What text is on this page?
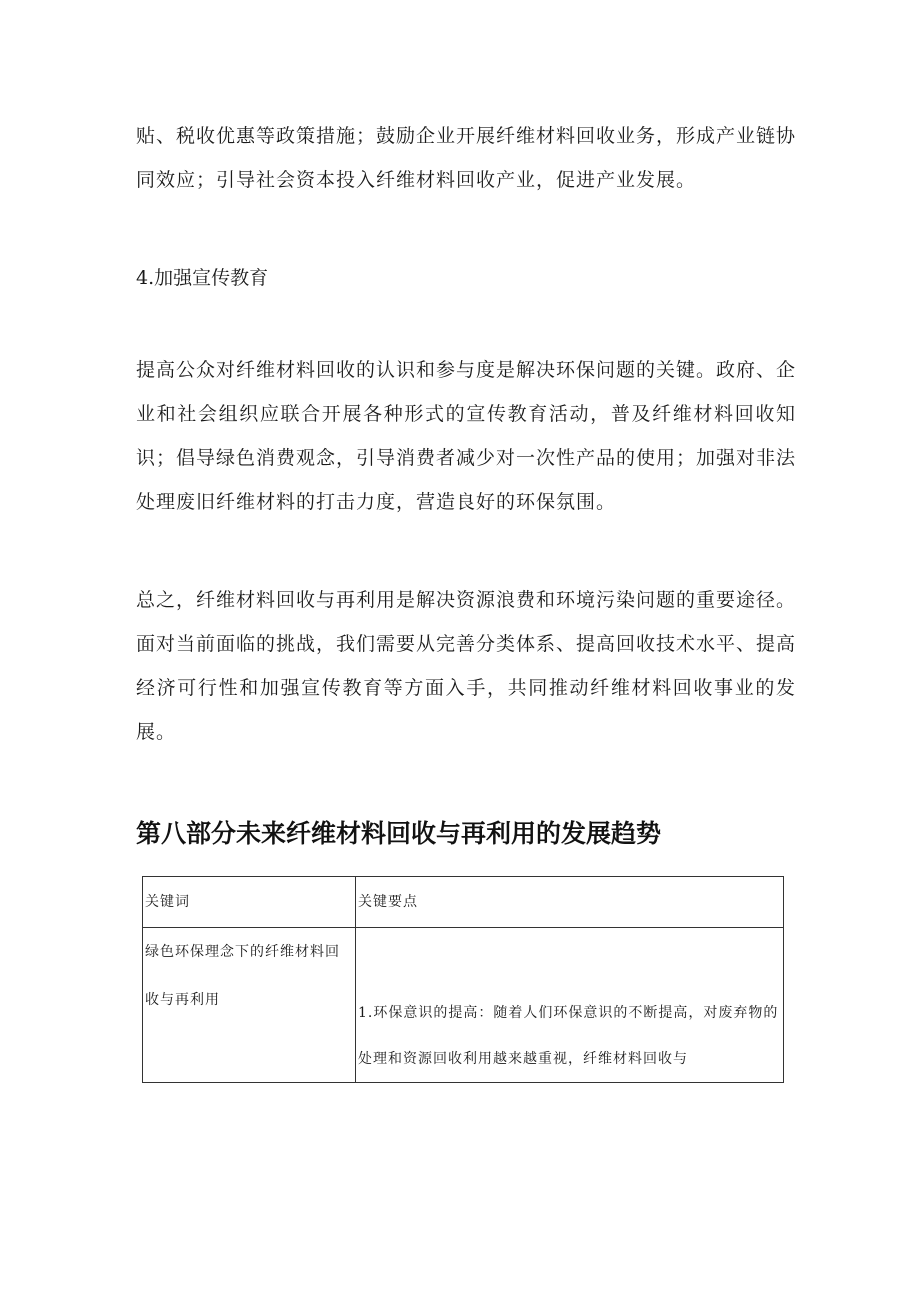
贴、税收优惠等政策措施；鼓励企业开展纤维材料回收业务，形成产业链协同效应；引导社会资本投入纤维材料回收产业，促进产业发展。

4.加强宣传教育

提高公众对纤维材料回收的认识和参与度是解决环保问题的关键。政府、企业和社会组织应联合开展各种形式的宣传教育活动，普及纤维材料回收知识；倡导绿色消费观念，引导消费者减少对一次性产品的使用；加强对非法处理废旧纤维材料的打击力度，营造良好的环保氛围。

总之，纤维材料回收与再利用是解决资源浪费和环境污染问题的重要途径。面对当前面临的挑战，我们需要从完善分类体系、提高回收技术水平、提高经济可行性和加强宣传教育等方面入手，共同推动纤维材料回收事业的发展。

第八部分未来纤维材料回收与再利用的发展趋势
关键词	关键要点
绿色环保理念下的纤维材料回收与再利用	1.环保意识的提高：随着人们环保意识的不断提高，对废弃物的处理和资源回收利用越来越重视，纤维材料回收与
